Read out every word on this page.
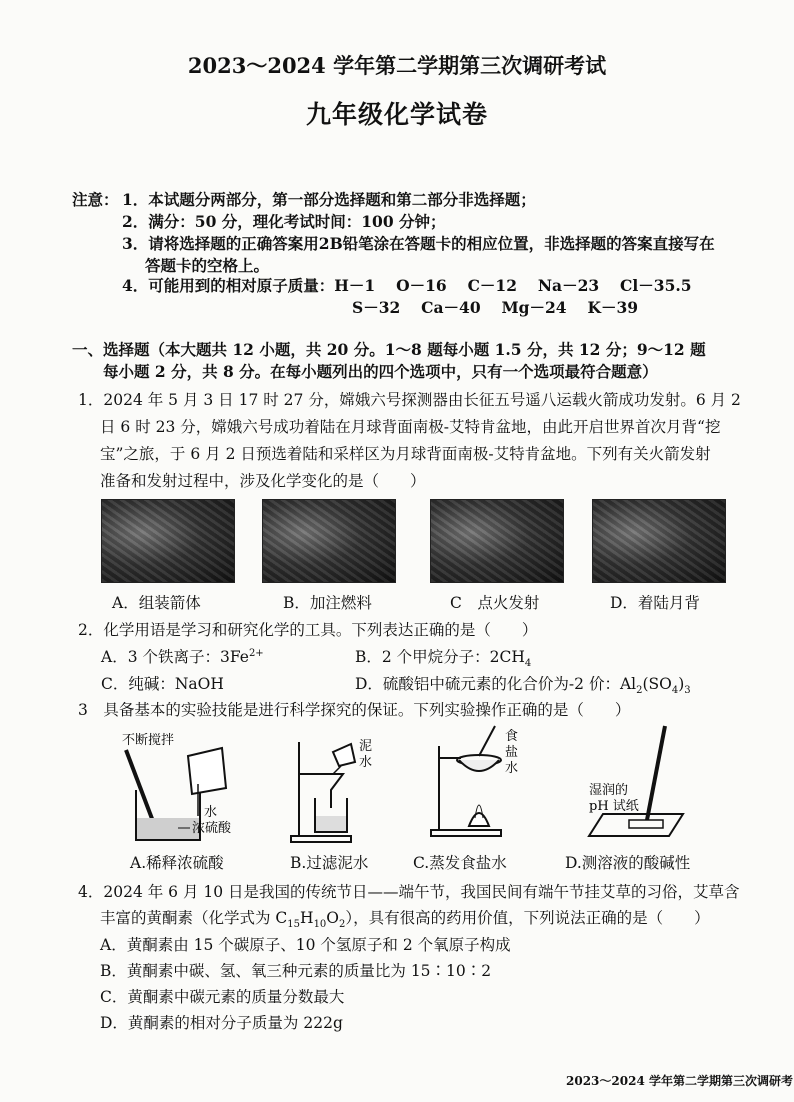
2023～2024 学年第二学期第三次调研考试
九年级化学试卷
注意： 1．本试题分两部分，第一部分选择题和第二部分非选择题；
2．满分：50 分，理化考试时间：100 分钟；
3．请将选择题的正确答案用2B铅笔涂在答题卡的相应位置，非选择题的答案直接写在
答题卡的空格上。
4．可能用到的相对原子质量：H－1　 O－16　 C－12　 Na－23　 Cl－35.5
S－32　 Ca－40　 Mg－24　 K－39
一、选择题（本大题共 12 小题，共 20 分。1～8 题每小题 1.5 分，共 12 分；9～12 题
每小题 2 分，共 8 分。在每小题列出的四个选项中，只有一个选项最符合题意）
1．2024 年 5 月 3 日 17 时 27 分，嫦娥六号探测器由长征五号遥八运载火箭成功发射。6 月 2
日 6 时 23 分，嫦娥六号成功着陆在月球背面南极-艾特肯盆地，由此开启世界首次月背“挖
宝”之旅，于 6 月 2 日预选着陆和采样区为月球背面南极-艾特肯盆地。下列有关火箭发射
准备和发射过程中，涉及化学变化的是（　　）
A．组装箭体	B．加注燃料	C　点火发射	D．着陆月背
2．化学用语是学习和研究化学的工具。下列表达正确的是（　　）
A．3 个铁离子：$3Fe^{2+}$	B．2 个甲烷分子：$2CH_4$
C．纯碱：NaOH	D．硫酸铝中硫元素的化合价为-2 价：$Al_2(SO_4)_3$
3　具备基本的实验技能是进行科学探究的保证。下列实验操作正确的是（　　）
不断搅拌
水
浓硫酸
泥
水
食
盐
水
湿润的
pH 试纸
A.稀释浓硫酸	B.过滤泥水	C.蒸发食盐水	D.测溶液的酸碱性
4．2024 年 6 月 10 日是我国的传统节日——端午节，我国民间有端午节挂艾草的习俗，艾草含
丰富的黄酮素（化学式为 $C_{15}H_{10}O_2$），具有很高的药用价值，下列说法正确的是（　　）
A．黄酮素由 15 个碳原子、10 个氢原子和 2 个氧原子构成
B．黄酮素中碳、氢、氧三种元素的质量比为 15∶10∶2
C．黄酮素中碳元素的质量分数最大
D．黄酮素的相对分子质量为 222g
2023～2024 学年第二学期第三次调研考
